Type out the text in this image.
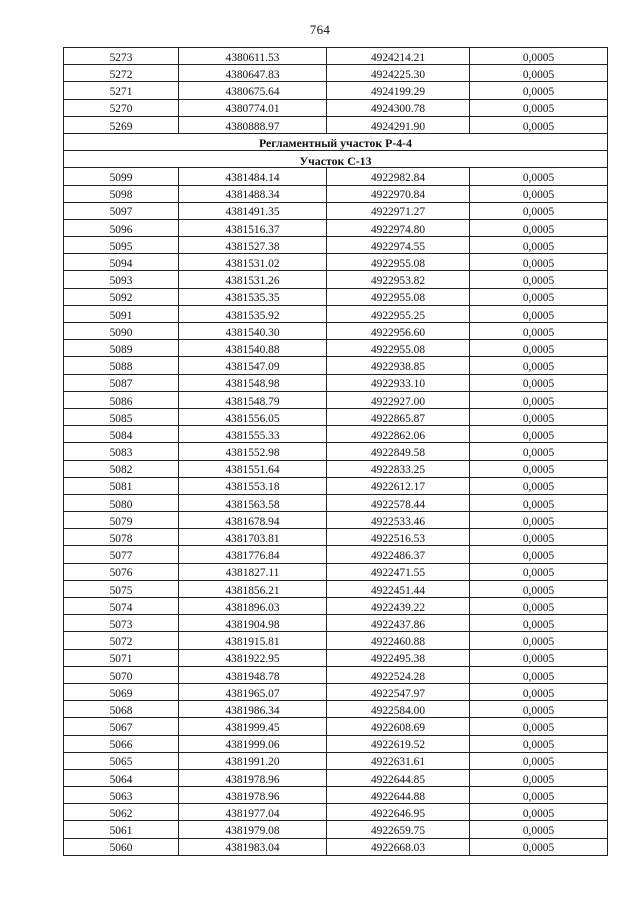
764
5273	4380611.53	4924214.21	0,0005
5272	4380647.83	4924225.30	0,0005
5271	4380675.64	4924199.29	0,0005
5270	4380774.01	4924300.78	0,0005
5269	4380888.97	4924291.90	0,0005
Регламентный участок Р-4-4			
Участок С-13			
5099	4381484.14	4922982.84	0,0005
5098	4381488.34	4922970.84	0,0005
5097	4381491.35	4922971.27	0,0005
5096	4381516.37	4922974.80	0,0005
5095	4381527.38	4922974.55	0,0005
5094	4381531.02	4922955.08	0,0005
5093	4381531.26	4922953.82	0,0005
5092	4381535.35	4922955.08	0,0005
5091	4381535.92	4922955.25	0,0005
5090	4381540.30	4922956.60	0,0005
5089	4381540.88	4922955.08	0,0005
5088	4381547.09	4922938.85	0,0005
5087	4381548.98	4922933.10	0,0005
5086	4381548.79	4922927.00	0,0005
5085	4381556.05	4922865.87	0,0005
5084	4381555.33	4922862.06	0,0005
5083	4381552.98	4922849.58	0,0005
5082	4381551.64	4922833.25	0,0005
5081	4381553.18	4922612.17	0,0005
5080	4381563.58	4922578.44	0,0005
5079	4381678.94	4922533.46	0,0005
5078	4381703.81	4922516.53	0,0005
5077	4381776.84	4922486.37	0,0005
5076	4381827.11	4922471.55	0,0005
5075	4381856.21	4922451.44	0,0005
5074	4381896.03	4922439.22	0,0005
5073	4381904.98	4922437.86	0,0005
5072	4381915.81	4922460.88	0,0005
5071	4381922.95	4922495.38	0,0005
5070	4381948.78	4922524.28	0,0005
5069	4381965.07	4922547.97	0,0005
5068	4381986.34	4922584.00	0,0005
5067	4381999.45	4922608.69	0,0005
5066	4381999.06	4922619.52	0,0005
5065	4381991.20	4922631.61	0,0005
5064	4381978.96	4922644.85	0,0005
5063	4381978.96	4922644.88	0,0005
5062	4381977.04	4922646.95	0,0005
5061	4381979.08	4922659.75	0,0005
5060	4381983.04	4922668.03	0,0005
